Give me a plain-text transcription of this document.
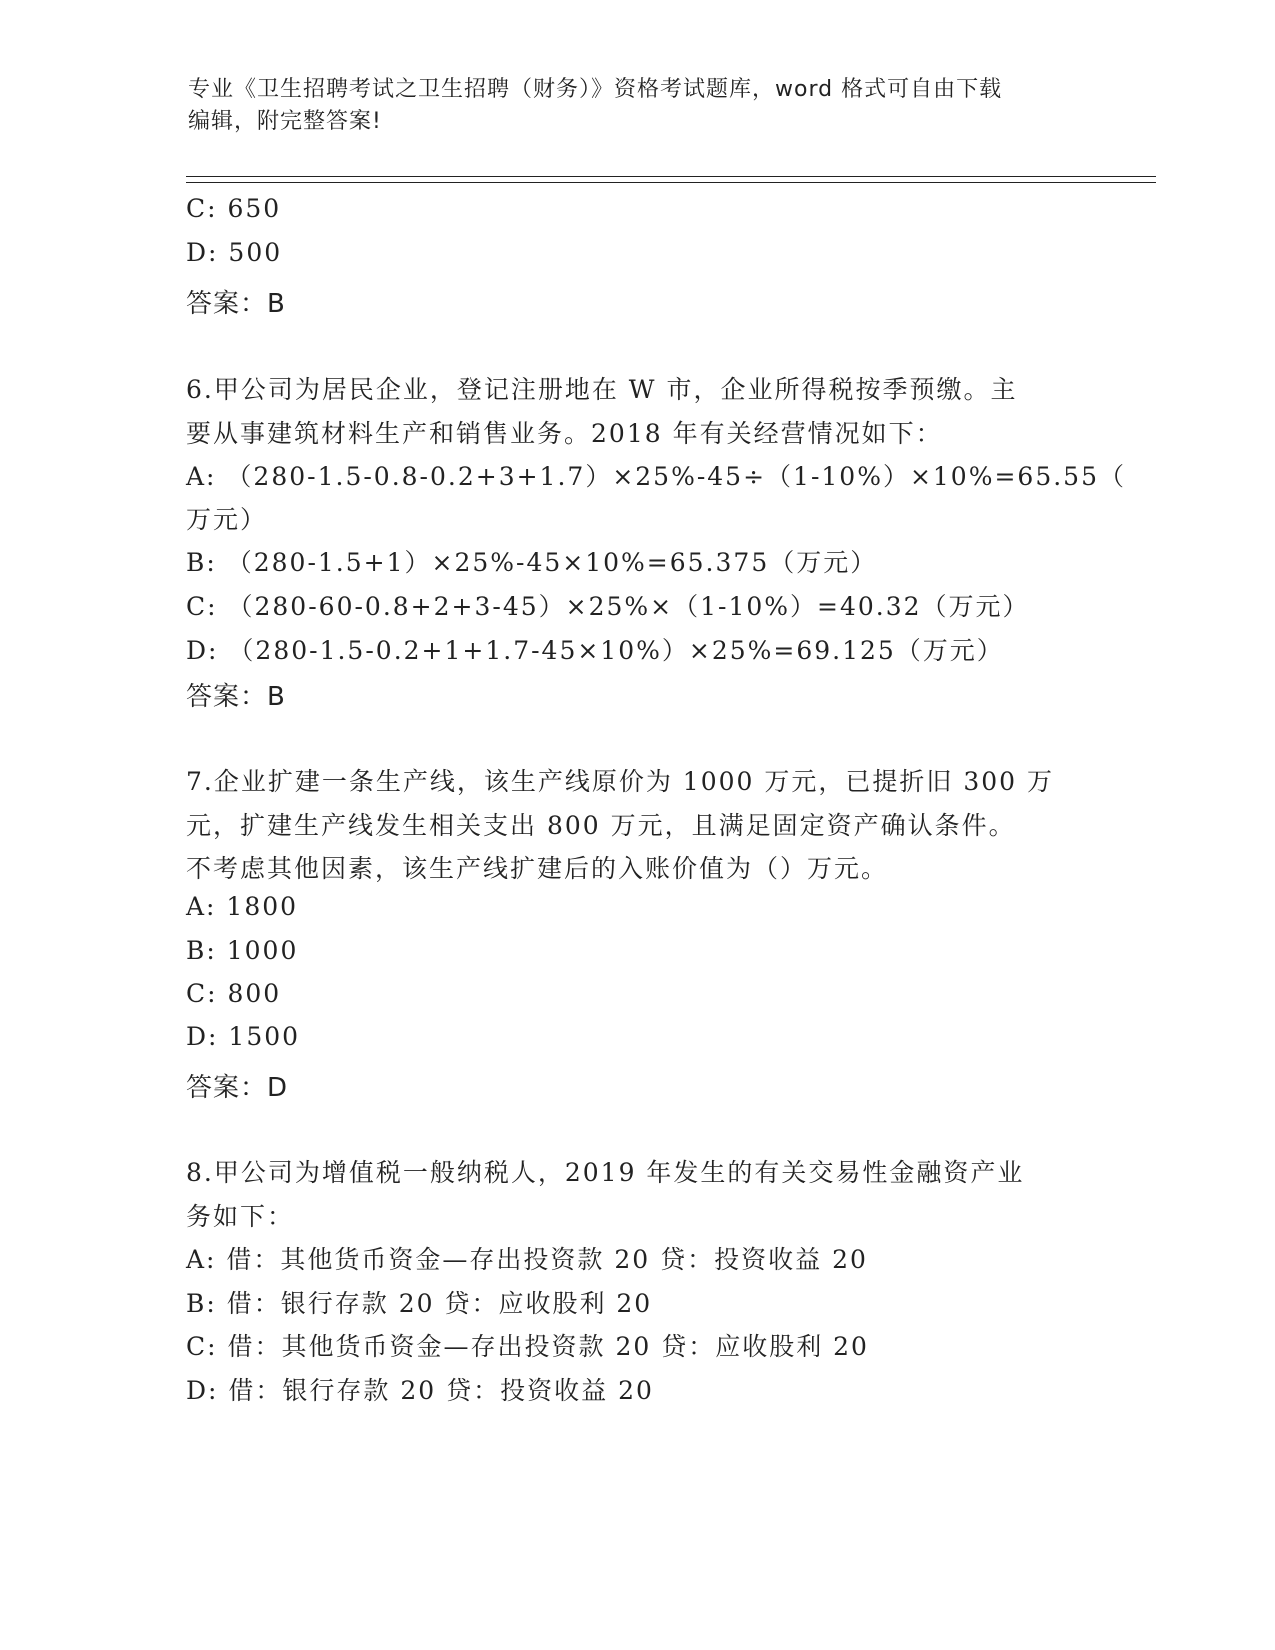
专业《卫生招聘考试之卫生招聘（财务）》资格考试题库，word 格式可自由下载
编辑，附完整答案!
C: 650
D: 500
答案：B
6.甲公司为居民企业，登记注册地在 W 市，企业所得税按季预缴。主
要从事建筑材料生产和销售业务。2018 年有关经营情况如下：
A: （280-1.5-0.8-0.2+3+1.7）×25%-45÷（1-10%）×10%=65.55（
万元）
B: （280-1.5+1）×25%-45×10%=65.375（万元）
C: （280-60-0.8+2+3-45）×25%×（1-10%）=40.32（万元）
D: （280-1.5-0.2+1+1.7-45×10%）×25%=69.125（万元）
答案：B
7.企业扩建一条生产线，该生产线原价为 1000 万元，已提折旧 300 万
元，扩建生产线发生相关支出 800 万元，且满足固定资产确认条件。
不考虑其他因素，该生产线扩建后的入账价值为（）万元。
A: 1800
B: 1000
C: 800
D: 1500
答案：D
8.甲公司为增值税一般纳税人，2019 年发生的有关交易性金融资产业
务如下：
A: 借：其他货币资金—存出投资款 20 贷：投资收益 20
B: 借：银行存款 20 贷：应收股利 20
C: 借：其他货币资金—存出投资款 20 贷：应收股利 20
D: 借：银行存款 20 贷：投资收益 20
